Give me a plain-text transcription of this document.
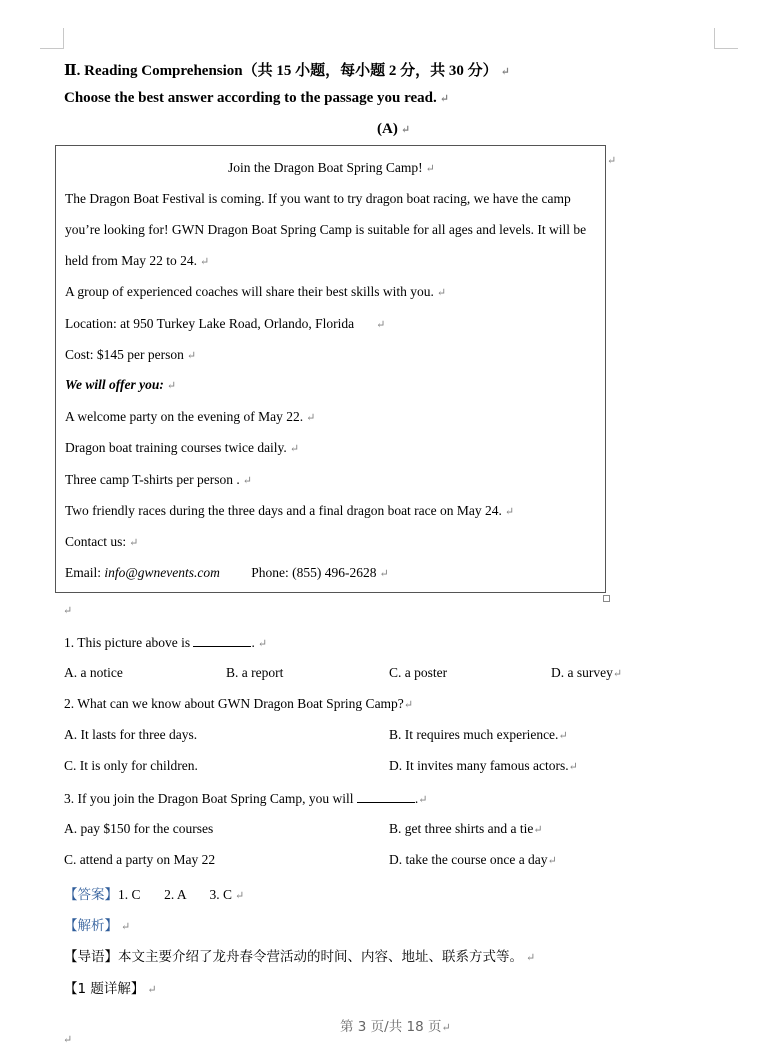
Ⅱ. Reading Comprehension（共 15 小题，每小题 2 分，共 30 分） ↵
Choose the best answer according to the passage you read. ↵
(A) ↵
Join the Dragon Boat Spring Camp! ↵
The Dragon Boat Festival is coming. If you want to try dragon boat racing, we have the camp
you’re looking for! GWN Dragon Boat Spring Camp is suitable for all ages and levels. It will be
held from May 22 to 24. ↵
A group of experienced coaches will share their best skills with you. ↵
Location: at 950 Turkey Lake Road, Orlando, Florida ↵
Cost: $145 per person ↵
We will offer you: ↵
A welcome party on the evening of May 22. ↵
Dragon boat training courses twice daily. ↵
Three camp T-shirts per person . ↵
Two friendly races during the three days and a final dragon boat race on May 24. ↵
Contact us: ↵
Email: info@gwnevents.com Phone: (855) 496-2628 ↵
↵
↵
1. This picture above is	. ↵
A. a notice	B. a report	C. a poster	D. a survey↵
2. What can we know about GWN Dragon Boat Spring Camp?↵
A. It lasts for three days.	B. It requires much experience.↵
C. It is only for children.	D. It invites many famous actors.↵
3. If you join the Dragon Boat Spring Camp, you will	.↵
A. pay $150 for the courses	B. get three shirts and a tie↵
C. attend a party on May 22	D. take the course once a day↵
【答案】1. C       2. A       3. C ↵
【解析】 ↵
【导语】本文主要介绍了龙舟春令营活动的时间、内容、地址、联系方式等。 ↵
【1 题详解】 ↵
第 3 页/共 18 页↵
↵
